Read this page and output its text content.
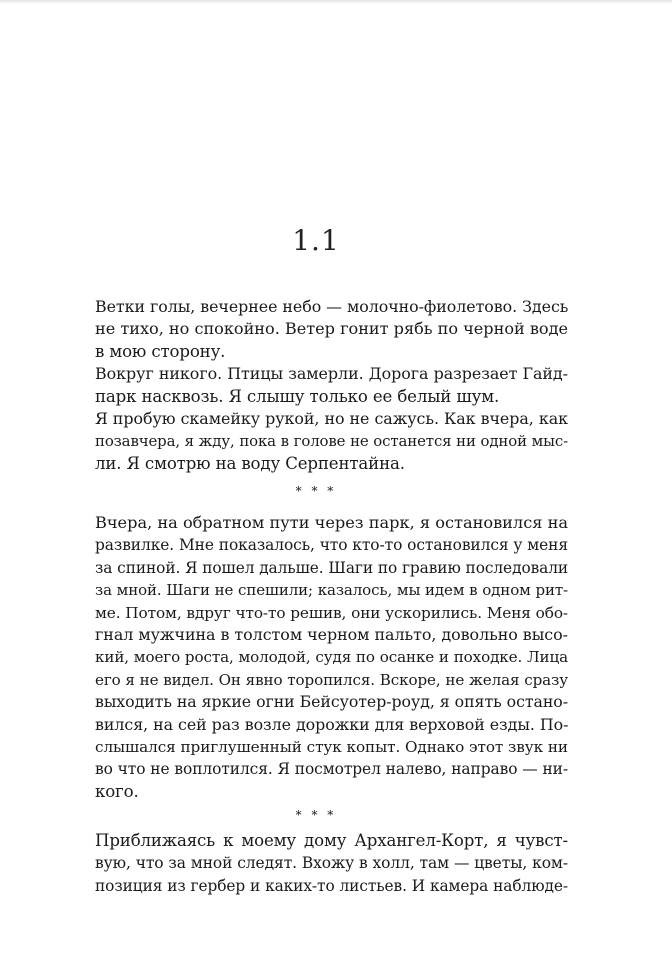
1.1

Ветки голы, вечернее небо — молочно-фиолетово. Здесь

не тихо, но спокойно. Ветер гонит рябь по черной воде

в мою сторону.

Вокруг никого. Птицы замерли. Дорога разрезает Гайд-

парк насквозь. Я слышу только ее белый шум.

Я пробую скамейку рукой, но не сажусь. Как вчера, как

позавчера, я жду, пока в голове не останется ни одной мыс-

ли. Я смотрю на воду Серпентайна.

* * *

Вчера, на обратном пути через парк, я остановился на

развилке. Мне показалось, что кто-то остановился у меня

за спиной. Я пошел дальше. Шаги по гравию последовали

за мной. Шаги не спешили; казалось, мы идем в одном рит-

ме. Потом, вдруг что-то решив, они ускорились. Меня обо-

гнал мужчина в толстом черном пальто, довольно высо-

кий, моего роста, молодой, судя по осанке и походке. Лица

его я не видел. Он явно торопился. Вскоре, не желая сразу

выходить на яркие огни Бейсуотер-роуд, я опять остано-

вился, на сей раз возле дорожки для верховой езды. По-

слышался приглушенный стук копыт. Однако этот звук ни

во что не воплотился. Я посмотрел налево, направо — ни-

кого.

* * *

Приближаясь к моему дому Архангел-Корт, я чувст-

вую, что за мной следят. Вхожу в холл, там — цветы, ком-

позиция из гербер и каких-то листьев. И камера наблюде-
